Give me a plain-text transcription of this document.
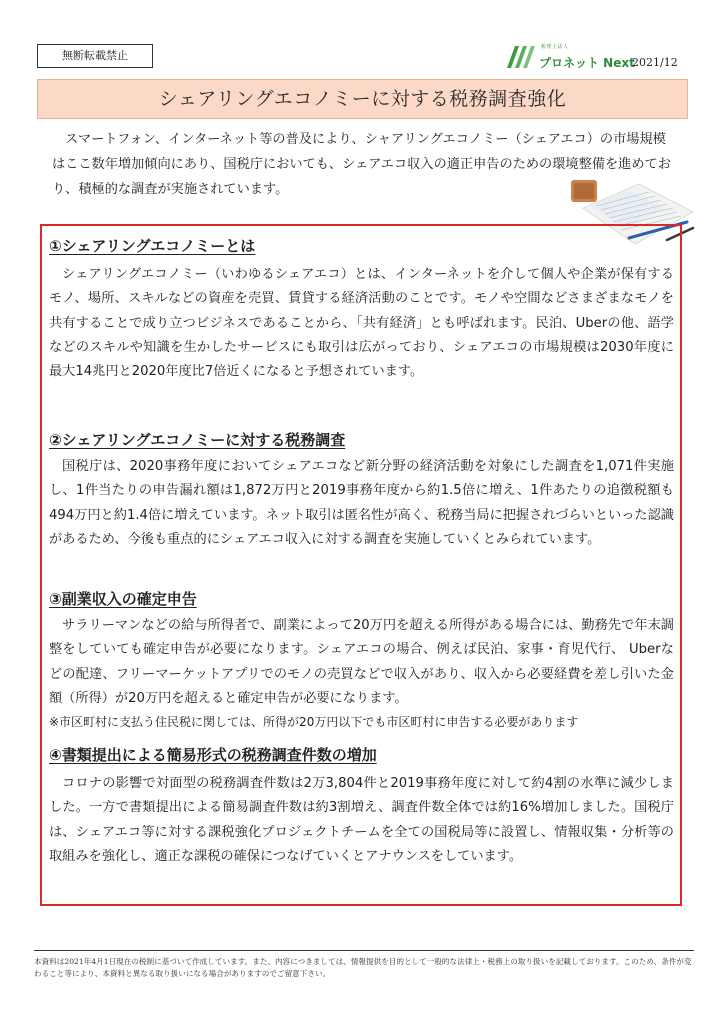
無断転載禁止
税理士法人
プロネット Next
2021/12
シェアリングエコノミーに対する税務調査強化

スマートフォン、インターネット等の普及により、シャアリングエコノミー（シェアエコ）の市場規模はここ数年増加傾向にあり、国税庁においても、シェアエコ収入の適正申告のための環境整備を進めており、積極的な調査が実施されています。

①シェアリングエコノミーとは

シェアリングエコノミー（いわゆるシェアエコ）とは、インターネットを介して個人や企業が保有するモノ、場所、スキルなどの資産を売買、賃貸する経済活動のことです。モノや空間などさまざまなモノを共有することで成り立つビジネスであることから、「共有経済」とも呼ばれます。民泊、Uberの他、語学などのスキルや知識を生かしたサービスにも取引は広がっており、シェアエコの市場規模は2030年度に最大14兆円と2020年度比7倍近くになると予想されています。

②シェアリングエコノミーに対する税務調査

国税庁は、2020事務年度においてシェアエコなど新分野の経済活動を対象にした調査を1,071件実施し、1件当たりの申告漏れ額は1,872万円と2019事務年度から約1.5倍に増え、1件あたりの追徴税額も494万円と約1.4倍に増えています。ネット取引は匿名性が高く、税務当局に把握されづらいといった認識があるため、今後も重点的にシェアエコ収入に対する調査を実施していくとみられています。

③副業収入の確定申告

サラリーマンなどの給与所得者で、副業によって20万円を超える所得がある場合には、勤務先で年末調整をしていても確定申告が必要になります。シェアエコの場合、例えば民泊、家事・育児代行、 Uberなどの配達、フリーマーケットアプリでのモノの売買などで収入があり、収入から必要経費を差し引いた金額（所得）が20万円を超えると確定申告が必要になります。

※市区町村に支払う住民税に関しては、所得が20万円以下でも市区町村に申告する必要があります

④書類提出による簡易形式の税務調査件数の増加

コロナの影響で対面型の税務調査件数は2万3,804件と2019事務年度に対して約4割の水準に減少しました。一方で書類提出による簡易調査件数は約3割増え、調査件数全体では約16%増加しました。国税庁は、シェアエコ等に対する課税強化プロジェクトチームを全ての国税局等に設置し、情報収集・分析等の取組みを強化し、適正な課税の確保につなげていくとアナウンスをしています。

本資料は2021年4月1日現在の税制に基づいて作成しています。また、内容につきましては、情報提供を目的として一般的な法律上・税務上の取り扱いを記載しております。このため、条件が変わること等により、本資料と異なる取り扱いになる場合がありますのでご留意下さい。
